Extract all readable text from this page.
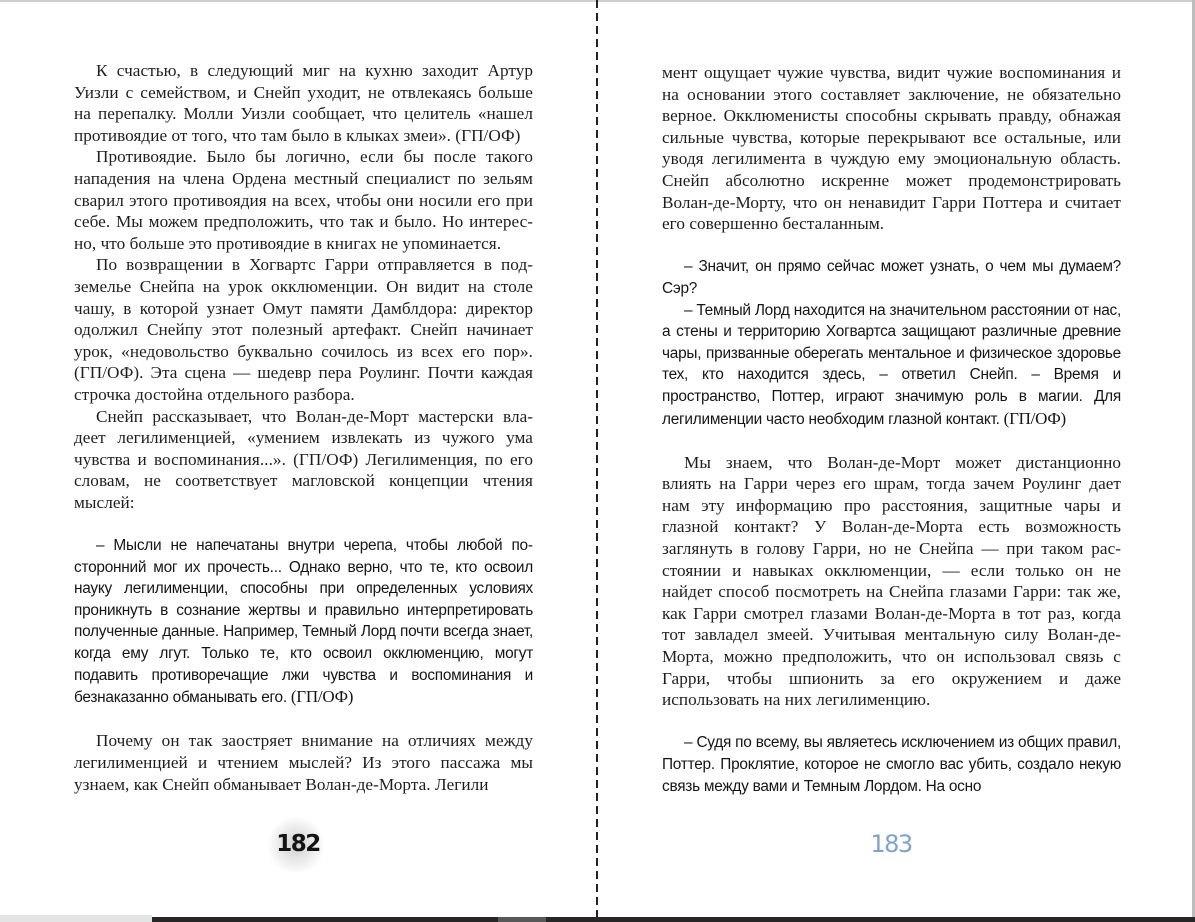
К счастью, в следующий миг на кухню заходит Артур Уизли с семейством, и Снейп уходит, не отвлекаясь больше на перепалку. Молли Уизли сообщает, что целитель «нашел противоядие от того, что там было в клыках змеи». (ГП/ОФ)

Противоядие. Было бы логично, если бы после такого нападения на члена Ордена местный специалист по зельям сварил этого противоядия на всех, чтобы они носили его при себе. Мы можем предположить, что так и было. Но интересно, что больше это противоядие в книгах не упоминается.

По возвращении в Хогвартс Гарри отправляется в подземелье Снейпа на урок окклюменции. Он видит на столе чашу, в которой узнает Омут памяти Дамблдора: директор одолжил Снейпу этот полезный артефакт. Снейп начинает урок, «недовольство буквально сочилось из всех его пор». (ГП/ОФ). Эта сцена — шедевр пера Роулинг. Почти каждая строчка достойна отдельного разбора.

Снейп рассказывает, что Волан-де-Морт мастерски владеет легилименцией, «умением извлекать из чужого ума чувства и воспоминания...». (ГП/ОФ) Легилименция, по его словам, не соответствует магловской концепции чтения мыслей:

– Мысли не напечатаны внутри черепа, чтобы любой посторонний мог их прочесть... Однако верно, что те, кто освоил науку легилименции, способны при определенных условиях проникнуть в сознание жертвы и правильно интерпретировать полученные данные. Например, Темный Лорд почти всегда знает, когда ему лгут. Только те, кто освоил окклюменцию, могут подавить противоречащие лжи чувства и воспоминания и безнаказанно обманывать его. (ГП/ОФ)

Почему он так заостряет внимание на отличиях между легилименцией и чтением мыслей? Из этого пассажа мы узнаем, как Снейп обманывает Волан-де-Морта. Легили

182

мент ощущает чужие чувства, видит чужие воспоминания и на основании этого составляет заключение, не обязательно верное. Окклюменисты способны скрывать правду, обнажая сильные чувства, которые перекрывают все остальные, или уводя легилимента в чуждую ему эмоциональную область. Снейп абсолютно искренне может продемонстрировать Волан-де-Морту, что он ненавидит Гарри Поттера и считает его совершенно бесталанным.

– Значит, он прямо сейчас может узнать, о чем мы думаем? Сэр?

– Темный Лорд находится на значительном расстоянии от нас, а стены и территорию Хогвартса защищают различные древние чары, призванные оберегать ментальное и физическое здоровье тех, кто находится здесь, – ответил Снейп. – Время и пространство, Поттер, играют значимую роль в магии. Для легилименции часто необходим глазной контакт. (ГП/ОФ)

Мы знаем, что Волан-де-Морт может дистанционно влиять на Гарри через его шрам, тогда зачем Роулинг дает нам эту информацию про расстояния, защитные чары и глазной контакт? У Волан-де-Морта есть возможность заглянуть в голову Гарри, но не Снейпа — при таком расстоянии и навыках окклюменции, — если только он не найдет способ посмотреть на Снейпа глазами Гарри: так же, как Гарри смотрел глазами Волан-де-Морта в тот раз, когда тот завладел змеей. Учитывая ментальную силу Волан-де-Морта, можно предположить, что он использовал связь с Гарри, чтобы шпионить за его окружением и даже использовать на них легилименцию.

– Судя по всему, вы являетесь исключением из общих правил, Поттер. Проклятие, которое не смогло вас убить, создало некую связь между вами и Темным Лордом. На осно

183
